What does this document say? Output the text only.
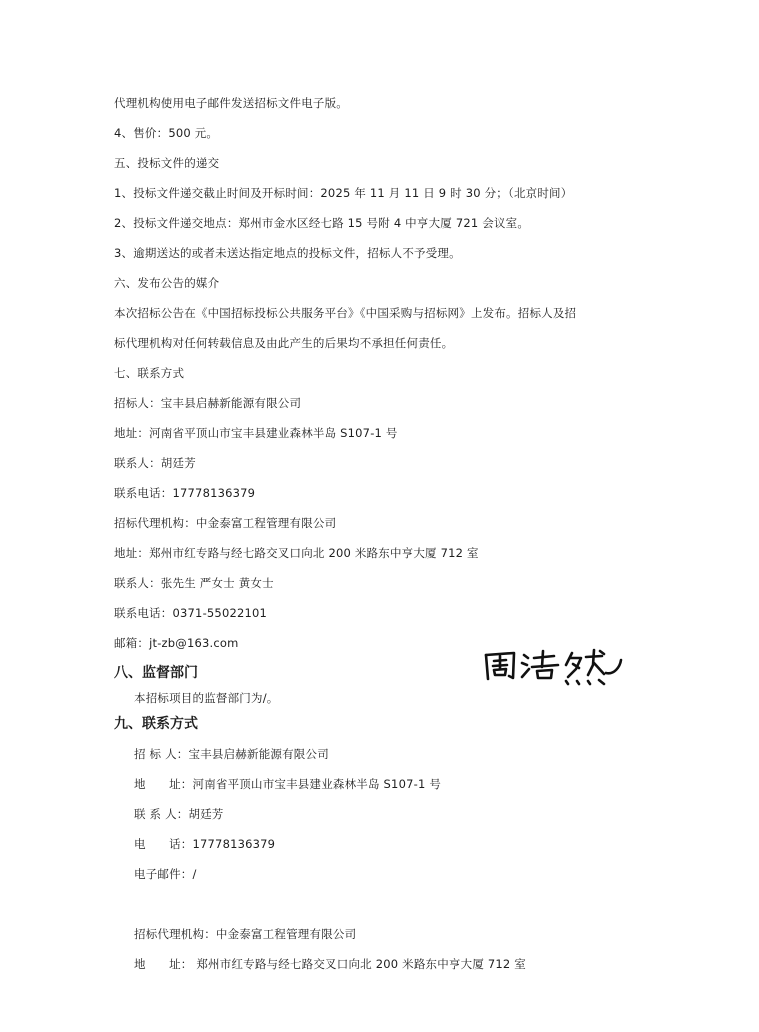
代理机构使用电子邮件发送招标文件电子版。
4、售价：500 元。
五、投标文件的递交
1、投标文件递交截止时间及开标时间：2025 年 11 月 11 日 9 时 30 分；（北京时间）
2、投标文件递交地点：郑州市金水区经七路 15 号附 4 中亨大厦 721 会议室。
3、逾期送达的或者未送达指定地点的投标文件，招标人不予受理。
六、发布公告的媒介
本次招标公告在《中国招标投标公共服务平台》《中国采购与招标网》上发布。招标人及招
标代理机构对任何转载信息及由此产生的后果均不承担任何责任。
七、联系方式
招标人：宝丰县启赫新能源有限公司
地址：河南省平顶山市宝丰县建业森林半岛 S107-1 号
联系人：胡廷芳
联系电话：17778136379
招标代理机构：中金泰富工程管理有限公司
地址：郑州市红专路与经七路交叉口向北 200 米路东中亨大厦 712 室
联系人：张先生 严女士 黄女士
联系电话：0371-55022101
邮箱：jt-zb@163.com
八、监督部门
本招标项目的监督部门为/。
九、联系方式
招 标 人：宝丰县启赫新能源有限公司
地　　址：河南省平顶山市宝丰县建业森林半岛 S107-1 号
联 系 人：胡廷芳
电　　话：17778136379
电子邮件：/
招标代理机构：中金泰富工程管理有限公司
地　　址： 郑州市红专路与经七路交叉口向北 200 米路东中亨大厦 712 室
